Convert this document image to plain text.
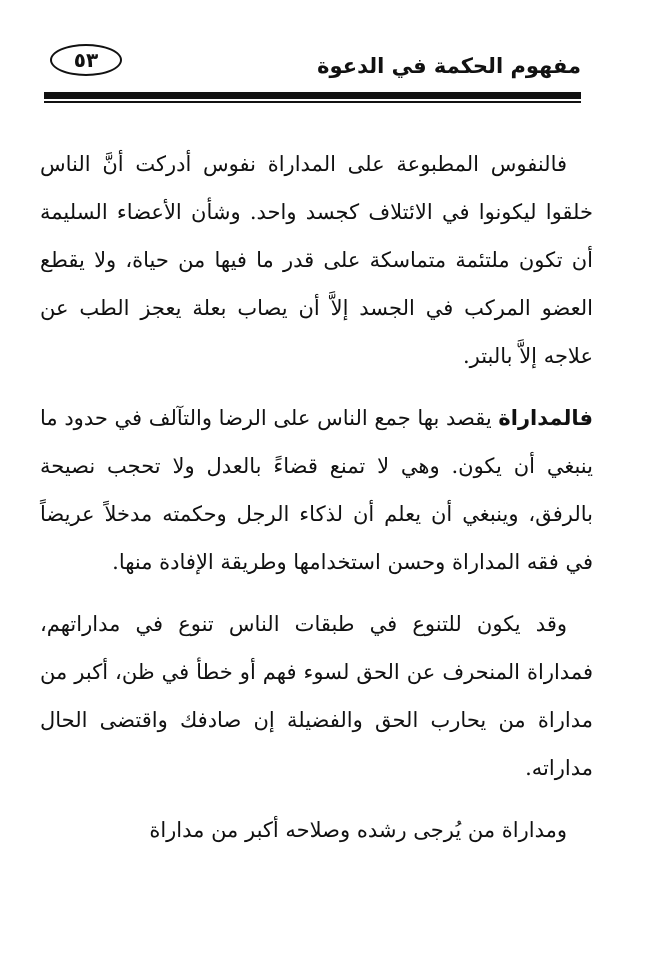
مفهوم الحكمة في الدعوة
٥٣

فالنفوس المطبوعة على المداراة نفوس أدركت أنَّ الناس خلقوا ليكونوا في الائتلاف كجسد واحد. وشأن الأعضاء السليمة أن تكون ملتئمة متماسكة على قدر ما فيها من حياة، ولا يقطع العضو المركب في الجسد إلاَّ أن يصاب بعلة يعجز الطب عن علاجه إلاَّ بالبتر.

فالمداراة يقصد بها جمع الناس على الرضا والتآلف في حدود ما ينبغي أن يكون. وهي لا تمنع قضاءً بالعدل ولا تحجب نصيحة بالرفق، وينبغي أن يعلم أن لذكاء الرجل وحكمته مدخلاً عريضاً في فقه المداراة وحسن استخدامها وطريقة الإفادة منها.

وقد يكون للتنوع في طبقات الناس تنوع في مداراتهم، فمداراة المنحرف عن الحق لسوء فهم أو خطأ في ظن، أكبر من مداراة من يحارب الحق والفضيلة إن صادفك واقتضى الحال مداراته.

ومداراة من يُرجى رشده وصلاحه أكبر من مداراة
